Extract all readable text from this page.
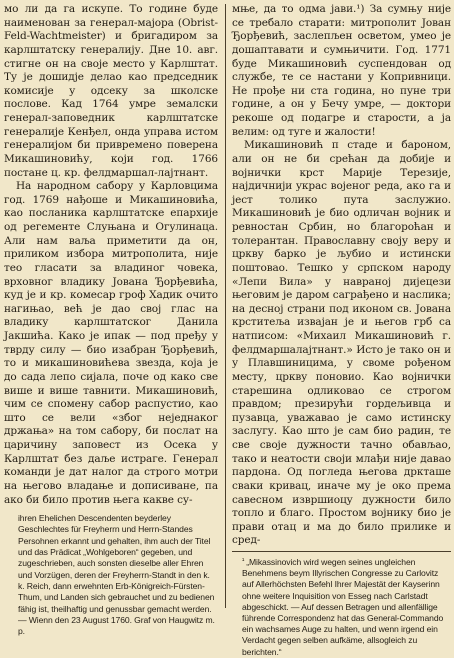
мо ли да га искупе. То године буде наименован за генерал-мајора (Obrist-Feld-Wachtmeister) и бригадиром за карлштатску генералију. Дне 10. авг. стигне он на своје место у Карлштат. Ту је дошидје делао као председник комисије у одсеку за школске послове. Кад 1764 умре земалски генерал-заповедник карлштатске генералије Кенђел, онда управа истом генералијом би привремено поверена Микашиновићу, који год. 1766 постане ц. кр. фелдмаршал-лајтнант.

На народном сабору у Карловцима год. 1769 нађоше и Микашиновића, као посланика карлштатске епархије од регементе Слуњана и Огулинаца. Али нам ваља приметити да он, приликом избора митрополита, није тео гласати за владиног човека, врховног владику Јована Ђорђевића, куд је и кр. комесар гроф Хадик очито нагињао, већ је дао свој глас на владику карлштатског Данила Јакшића. Како је ипак — под пређу у тврду силу — био изабран Ђорђевић, то и микашиновићева звезда, која је до сада лепо сијала, поче од како све више и више тавнити. Микашиновић, чим се спомену сабор распустио, као што се вели «због неједнаког држања» на том сабору, би послат на царичину заповест из Осека у Карлштат без даље истраге. Генерал команди је дат налог да строго мотри на његово владање и дописиване, па ако би било против њега какве су-

ihren Ehelichen Descendenten beyderley Geschlechtes für Freyherrn und Herrn-Standes Persohnen erkannt und gehalten, ihm auch der Titel und das Prädicat „Wohlgeboren“ gegeben, und zugeschrieben, auch sonsten dieselbe aller Ehren und Vorzügen, deren der Freyherrn-Standt in den k. k. Reich, dann erwehnten Erb-Königreich-Fürsten-Thum, und Landen sich gebrauchet und zu bedienen fähig ist, theilhaftig und genussbar gemacht werden. — Wienn den 23 August 1760. Graf von Haugwitz m. p.

мње, да то одма јави.¹) За сумњу није се требало старати: митрополит Јован Ђорђевић, заслепљен осветом, умео је дошаптавати и сумњичити. Год. 1771 буде Микашиновић суспендован од службе, те се настани у Копривници. Не прође ни ста година, но пуне три године, а он у Бечу умре, — доктори рекоше од подагре и старости, а ја велим: од туге и жалости!

Микашиновић п стаде и бароном, али он не би срећан да добије и војнички крст Марије Терезије, најдичнији украс војеног реда, ако га и јест толико пута заслужио. Микашиновић је био одличан војник и ревностан Србин, но благороћан и толерантан. Православну своју веру и цркву барко је љубио и истински поштовао. Тешко у српском народу «Лепи Вила» у навраноj дијецези његовим је даром саграђено и наслика; на десној страни под иконом св. Јована крститеља изваjан је и његов грб са натписом: «Михаил Микашиновић г. фелдмаршалајтнант.» Исто је тако он и у Плавшиницима, у своме рођеном месту, цркву поновио. Као војнички старешина одликовао се строгом правдом; презирући гордељивца и пузавца, уважавао је само истинску заслугу. Као што је сам био радин, те све своје дужности тачно обављао, тако и неатости своји млађи није давао пардона. Од погледа његова дркташе сваки кривац, иначе му је око према савесном извршиоцу дужности било топло и благо. Простом војнику био је прави отац и ма до било прилике и сред-

$^{^1}$ „Mikassinovich wird wegen seines ungleichen Benehmens beym Illyrischen Congresse zu Carlovitz auf Allerhöchsten Befehl Ihrer Majestät der Kayserinn ohne weitere Inquisition von Esseg nach Carlstadt abgeschickt. — Auf dessen Betragen und allenfällige führende Correspondenz hat das General-Commando ein wachsames Auge zu halten, und wenn irgend ein Verdacht gegen selben aufkäme, allsogleich zu berichten.“
